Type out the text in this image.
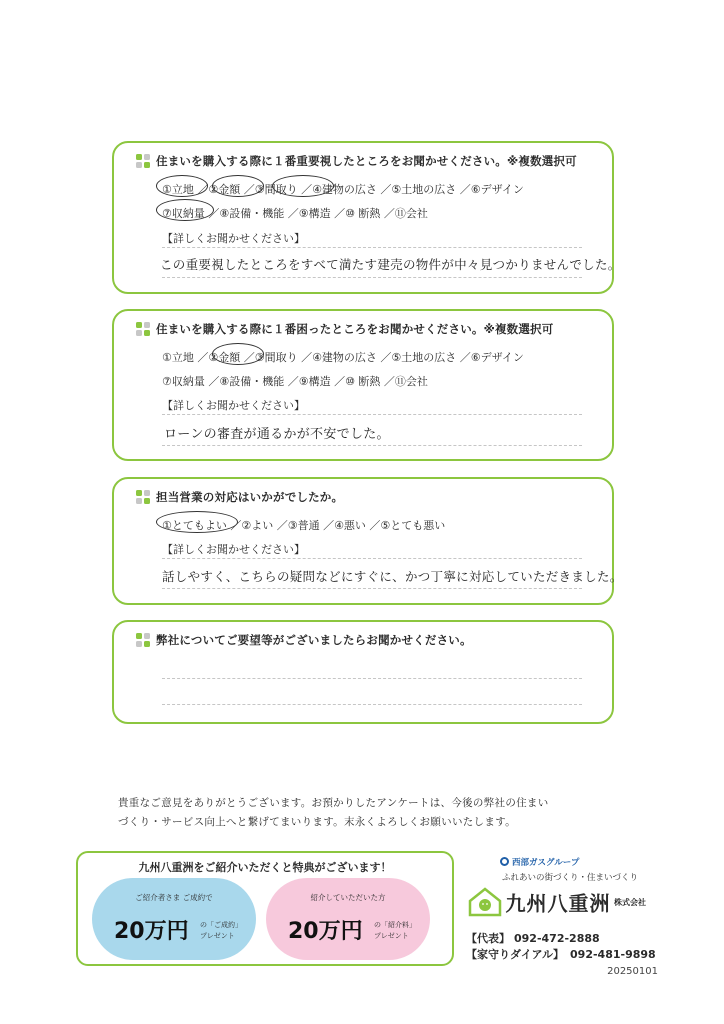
住まいを購入する際に１番重要視したところをお聞かせください。※複数選択可
①立地 ／②金額 ／③間取り ／④建物の広さ ／⑤土地の広さ ／⑥デザイン
⑦収納量 ／⑧設備・機能 ／⑨構造 ／⑩ 断熱 ／⑪会社
【詳しくお聞かせください】
この重要視したところをすべて満たす建売の物件が中々見つかりませんでした。
住まいを購入する際に１番困ったところをお聞かせください。※複数選択可
①立地 ／②金額 ／③間取り ／④建物の広さ ／⑤土地の広さ ／⑥デザイン
⑦収納量 ／⑧設備・機能 ／⑨構造 ／⑩ 断熱 ／⑪会社
【詳しくお聞かせください】
ローンの審査が通るかが不安でした。
担当営業の対応はいかがでしたか。
①とてもよい ／②よい ／③普通 ／④悪い ／⑤とても悪い
【詳しくお聞かせください】
話しやすく、こちらの疑問などにすぐに、かつ丁寧に対応していただきました。
弊社についてご要望等がございましたらお聞かせください。
貴重なご意見をありがとうございます。お預かりしたアンケートは、今後の弊社の住まい
づくり・サービス向上へと繋げてまいります。末永くよろしくお願いいたします。
九州八重洲をご紹介いただくと特典がございます！
ご紹介者さま ご成約で
20万円 の「ご成約」
プレゼント
紹介していただいた方
20万円 の「紹介料」
プレゼント
西部ガスグループ
ふれあいの街づくり・住まいづくり
九州八重洲 株式会社
【代表】 092-472-2888
【家守りダイアル】 092-481-9898
20250101
